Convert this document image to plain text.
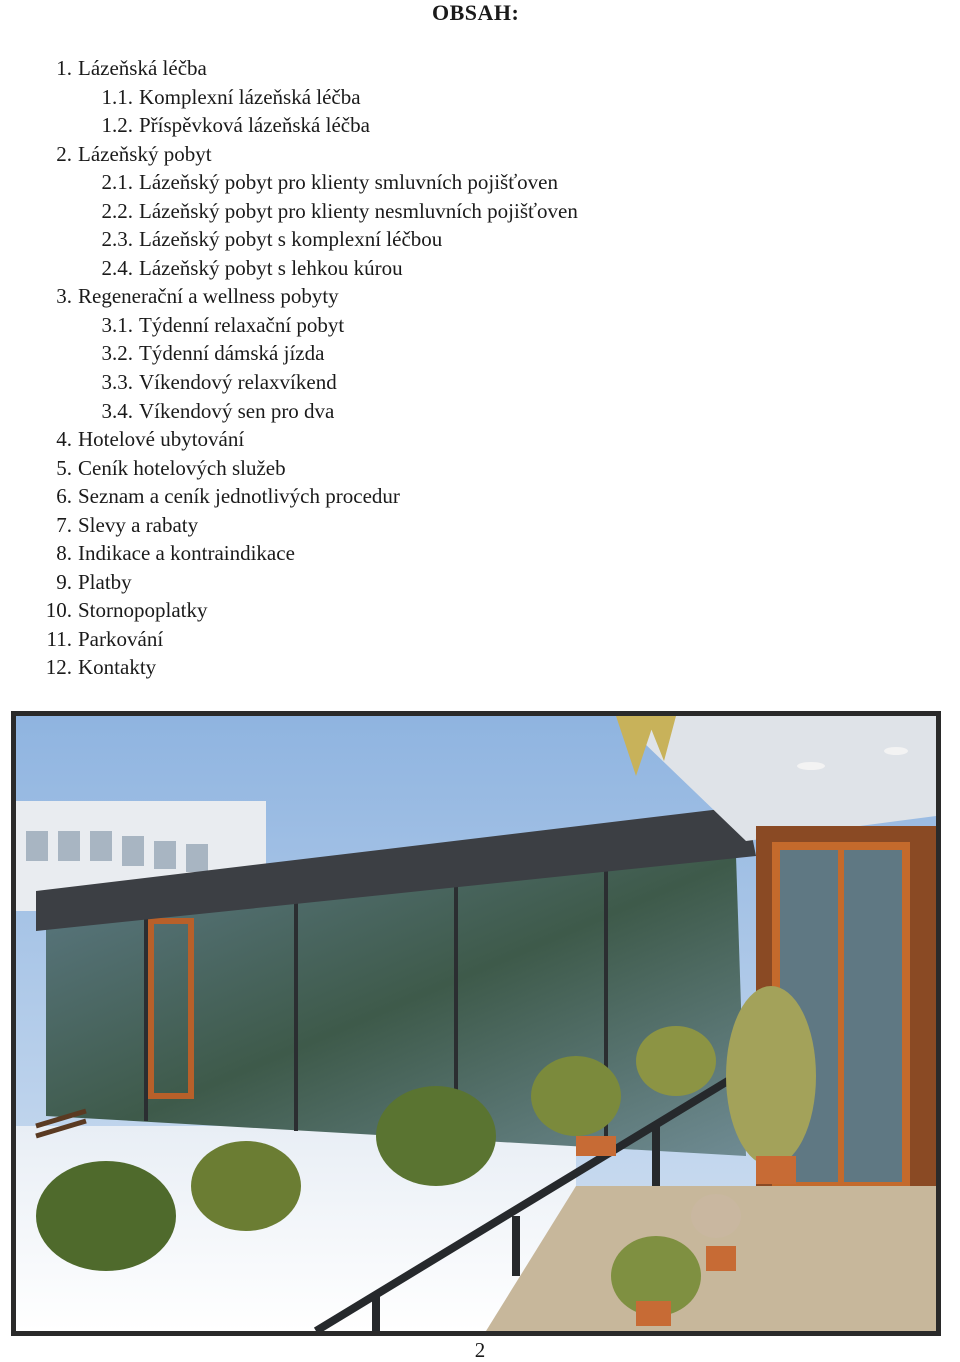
OBSAH:
1. Lázeňská léčba
1.1. Komplexní lázeňská léčba
1.2. Příspěvková lázeňská léčba
2. Lázeňský pobyt
2.1. Lázeňský pobyt pro klienty smluvních pojišťoven
2.2. Lázeňský pobyt pro klienty nesmluvních pojišťoven
2.3. Lázeňský pobyt s komplexní léčbou
2.4. Lázeňský pobyt s lehkou kúrou
3. Regenerační a wellness pobyty
3.1. Týdenní relaxační pobyt
3.2. Týdenní dámská jízda
3.3. Víkendový relaxvíkend
3.4. Víkendový sen pro dva
4. Hotelové ubytování
5. Ceník hotelových služeb
6. Seznam a ceník jednotlivých procedur
7. Slevy a rabaty
8. Indikace a kontraindikace
9. Platby
10. Stornopoplatky
11. Parkování
12. Kontakty
2
